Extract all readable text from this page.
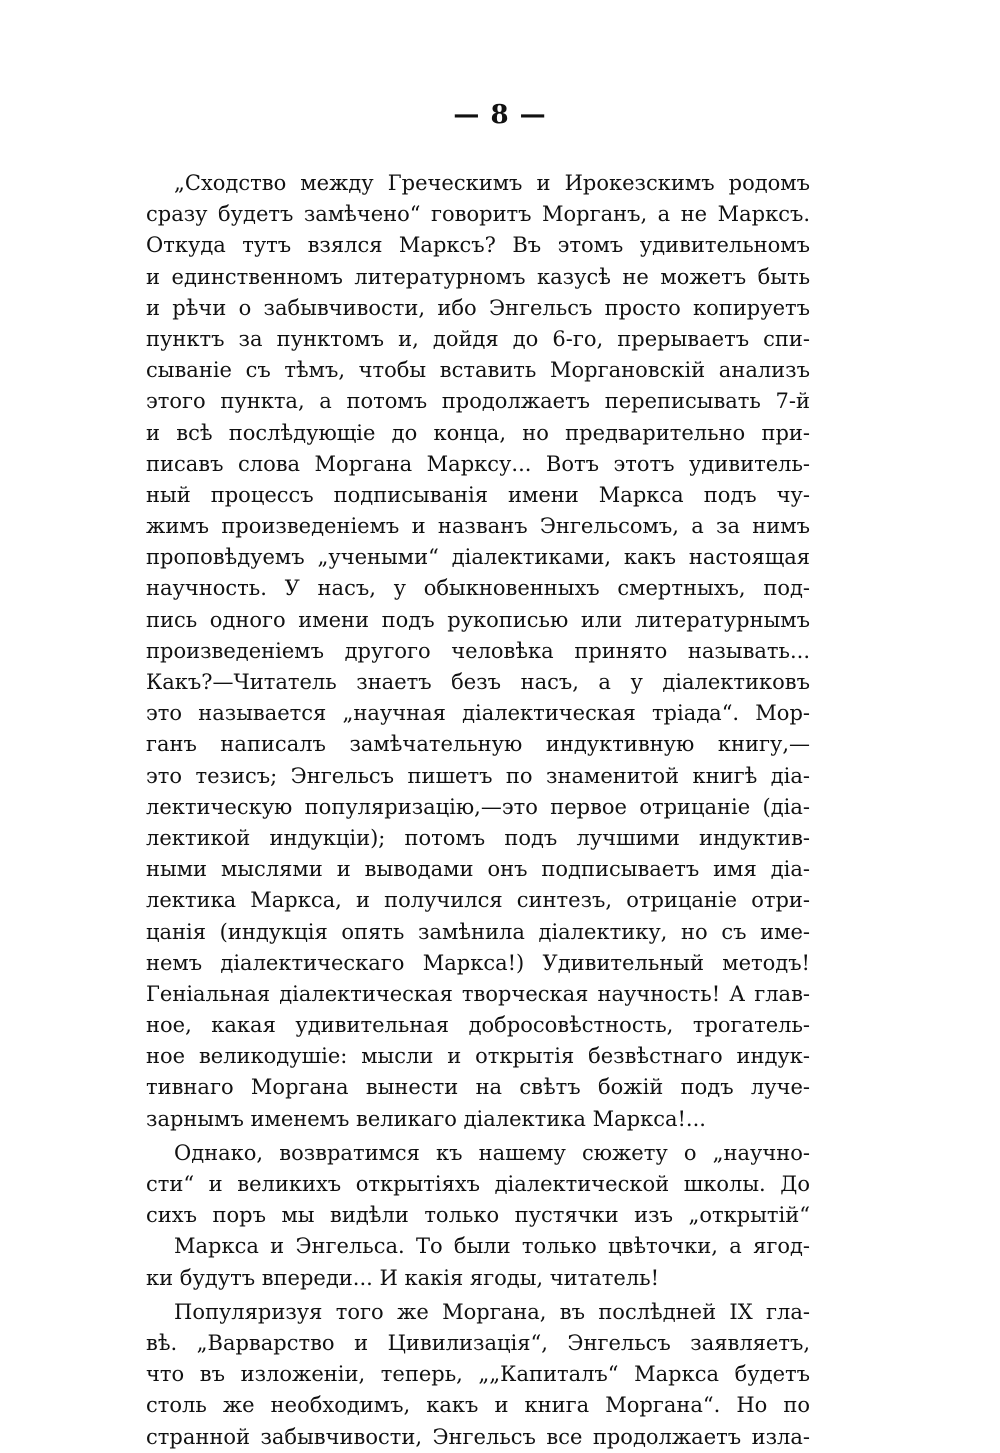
— 8 —
„Сходство между Греческимъ и Ирокезскимъ родомъ
сразу будетъ замѣчено“ говоритъ Морганъ, а не Марксъ.
Откуда тутъ взялся Марксъ? Въ этомъ удивительномъ
и единственномъ литературномъ казусѣ не можетъ быть
и рѣчи о забывчивости, ибо Энгельсъ просто копируетъ
пунктъ за пунктомъ и, дойдя до 6-го, прерываетъ спи-
сываніе съ тѣмъ, чтобы вставить Моргановскій анализъ
этого пункта, а потомъ продолжаетъ переписывать 7-й
и всѣ послѣдующіе до конца, но предварительно при-
писавъ слова Моргана Марксу... Вотъ этотъ удивитель-
ный процессъ подписыванія имени Маркса подъ чу-
жимъ произведеніемъ и названъ Энгельсомъ, а за нимъ
проповѣдуемъ „учеными“ діалектиками, какъ настоящая
научность. У насъ, у обыкновенныхъ смертныхъ, под-
пись одного имени подъ рукописью или литературнымъ
произведеніемъ другого человѣка принято называть...
Какъ?—Читатель знаетъ безъ насъ, а у діалектиковъ
это называется „научная діалектическая тріада“. Мор-
ганъ написалъ замѣчательную индуктивную книгу,—
это тезисъ; Энгельсъ пишетъ по знаменитой книгѣ діа-
лектическую популяризацію,—это первое отрицаніе (діа-
лектикой индукціи); потомъ подъ лучшими индуктив-
ными мыслями и выводами онъ подписываетъ имя діа-
лектика Маркса, и получился синтезъ, отрицаніе отри-
цанія (индукція опять замѣнила діалектику, но съ име-
немъ діалектическаго Маркса!) Удивительный методъ!
Геніальная діалектическая творческая научность! А глав-
ное, какая удивительная добросовѣстность, трогатель-
ное великодушіе: мысли и открытія безвѣстнаго индук-
тивнаго Моргана вынести на свѣтъ божій подъ луче-
зарнымъ именемъ великаго діалектика Маркса!...
Однако, возвратимся къ нашему сюжету о „научно-
сти“ и великихъ открытіяхъ діалектической школы. До
сихъ поръ мы видѣли только пустячки изъ „открытій“
Маркса и Энгельса. То были только цвѣточки, а ягод-
ки будутъ впереди... И какія ягоды, читатель!
Популяризуя того же Моргана, въ послѣдней IX гла-
вѣ. „Варварство и Цивилизація“, Энгельсъ заявляетъ,
что въ изложеніи, теперь, „„Капиталъ“ Маркса будетъ
столь же необходимъ, какъ и книга Моргана“. Но по
странной забывчивости, Энгельсъ все продолжаетъ изла-
